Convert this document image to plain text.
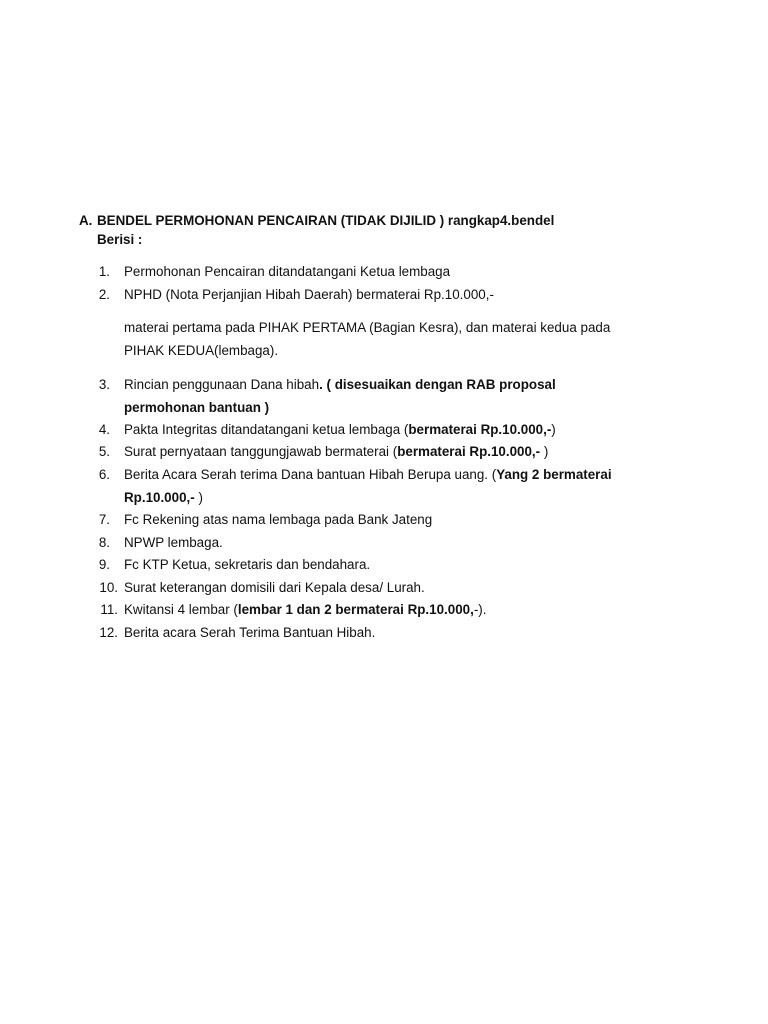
A. BENDEL PERMOHONAN PENCAIRAN (TIDAK DIJILID ) rangkap4.bendel
Berisi :
1. Permohonan Pencairan ditandatangani Ketua lembaga
2. NPHD (Nota Perjanjian Hibah Daerah) bermaterai Rp.10.000,-
materai pertama pada PIHAK PERTAMA (Bagian Kesra), dan materai kedua pada
PIHAK KEDUA(lembaga).
3. Rincian penggunaan Dana hibah. ( disesuaikan dengan RAB proposal
permohonan bantuan )
4. Pakta Integritas ditandatangani ketua lembaga (bermaterai Rp.10.000,-)
5. Surat pernyataan tanggungjawab bermaterai (bermaterai Rp.10.000,- )
6. Berita Acara Serah terima Dana bantuan Hibah Berupa uang. (Yang 2 bermaterai
Rp.10.000,- )
7. Fc Rekening atas nama lembaga pada Bank Jateng
8. NPWP lembaga.
9. Fc KTP Ketua, sekretaris dan bendahara.
10. Surat keterangan domisili dari Kepala desa/ Lurah.
11. Kwitansi 4 lembar (lembar 1 dan 2 bermaterai Rp.10.000,-).
12. Berita acara Serah Terima Bantuan Hibah.
